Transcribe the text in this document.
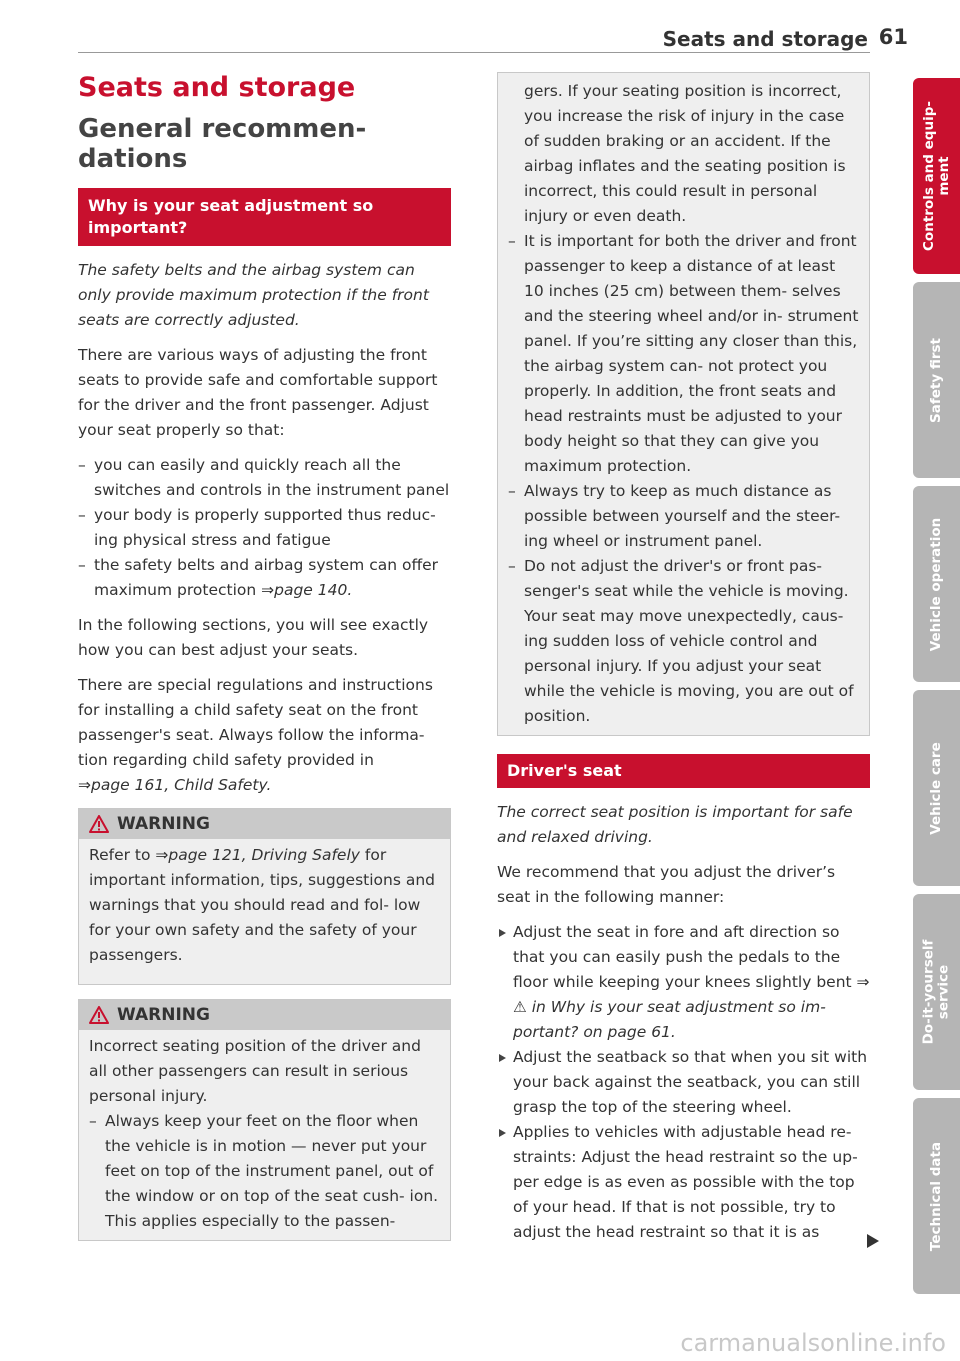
Seats and storage 61
Seats and storage
General recommen-
dations
Why is your seat adjustment so
important?

The safety belts and the airbag system can only provide maximum protection if the front seats are correctly adjusted.

There are various ways of adjusting the front seats to provide safe and comfortable support for the driver and the front passenger. Adjust your seat properly so that:

– you can easily and quickly reach all the switches and controls in the instrument panel
– your body is properly supported thus reduc- ing physical stress and fatigue
– the safety belts and airbag system can offer maximum protection ⇒page 140.

In the following sections, you will see exactly how you can best adjust your seats.

There are special regulations and instructions for installing a child safety seat on the front passenger's seat. Always follow the informa- tion regarding child safety provided in
⇒page 161, Child Safety.

WARNING

Refer to ⇒page 121, Driving Safely for important information, tips, suggestions and warnings that you should read and fol- low for your own safety and the safety of your passengers.

WARNING

Incorrect seating position of the driver and all other passengers can result in serious personal injury.

– Always keep your feet on the floor when the vehicle is in motion — never put your feet on top of the instrument panel, out of the window or on top of the seat cush- ion. This applies especially to the passen-

gers. If your seating position is incorrect, you increase the risk of injury in the case of sudden braking or an accident. If the airbag inflates and the seating position is incorrect, this could result in personal injury or even death.

– It is important for both the driver and front passenger to keep a distance of at least 10 inches (25 cm) between them- selves and the steering wheel and/or in- strument panel. If you’re sitting any closer than this, the airbag system can- not protect you properly. In addition, the front seats and head restraints must be adjusted to your body height so that they can give you maximum protection.
– Always try to keep as much distance as possible between yourself and the steer- ing wheel or instrument panel.
– Do not adjust the driver's or front pas- senger's seat while the vehicle is moving. Your seat may move unexpectedly, caus- ing sudden loss of vehicle control and personal injury. If you adjust your seat while the vehicle is moving, you are out of position.
Driver's seat

The correct seat position is important for safe and relaxed driving.

We recommend that you adjust the driver’s seat in the following manner:

Adjust the seat in fore and aft direction so that you can easily push the pedals to the floor while keeping your knees slightly bent ⇒ ⚠ in Why is your seat adjustment so im- portant? on page 61.
Adjust the seatback so that when you sit with your back against the seatback, you can still grasp the top of the steering wheel.
Applies to vehicles with adjustable head re- straints: Adjust the head restraint so the up- per edge is as even as possible with the top of your head. If that is not possible, try to adjust the head restraint so that it is as
Controls and equip-
ment
Safety first
Vehicle operation
Vehicle care
Do-it-yourself
service
Technical data
carmanualsonline.info
